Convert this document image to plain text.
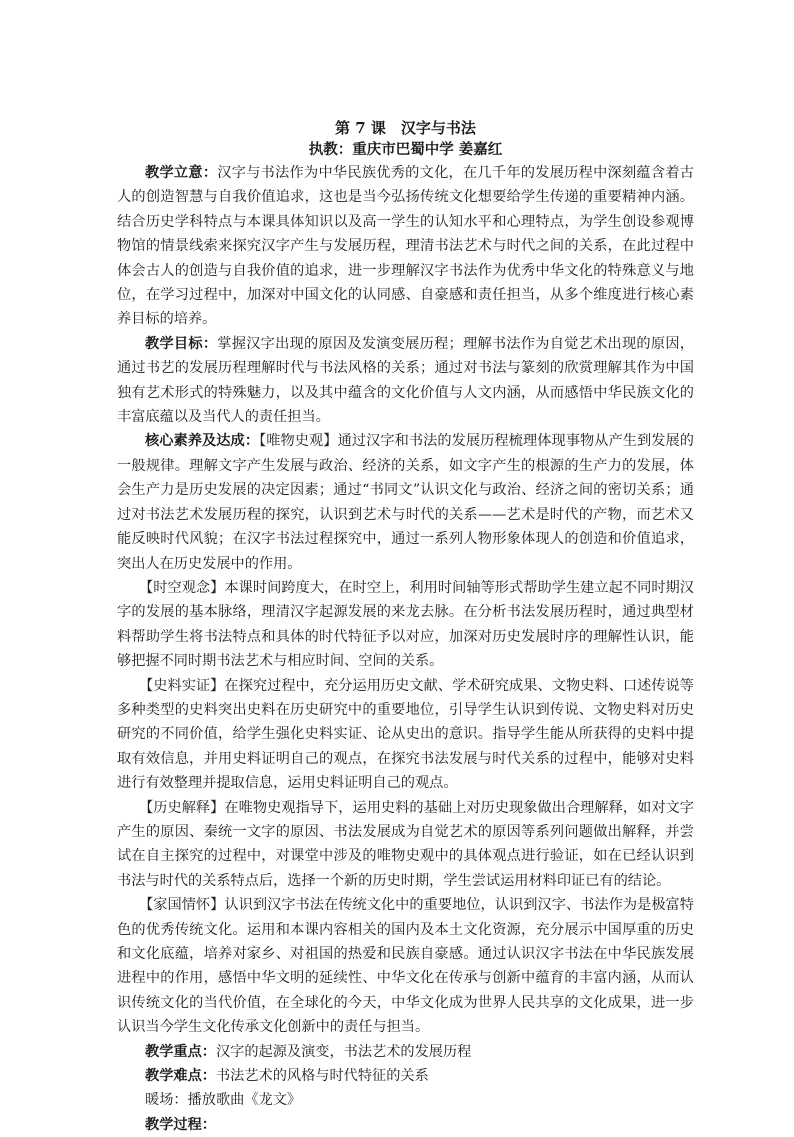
第 7 课　汉字与书法
执教：重庆市巴蜀中学 姜嘉红

教学立意：汉字与书法作为中华民族优秀的文化，在几千年的发展历程中深刻蕴含着古人的创造智慧与自我价值追求，这也是当今弘扬传统文化想要给学生传递的重要精神内涵。结合历史学科特点与本课具体知识以及高一学生的认知水平和心理特点，为学生创设参观博物馆的情景线索来探究汉字产生与发展历程，理清书法艺术与时代之间的关系，在此过程中体会古人的创造与自我价值的追求，进一步理解汉字书法作为优秀中华文化的特殊意义与地位，在学习过程中，加深对中国文化的认同感、自豪感和责任担当，从多个维度进行核心素养目标的培养。

教学目标：掌握汉字出现的原因及发演变展历程；理解书法作为自觉艺术出现的原因，通过书艺的发展历程理解时代与书法风格的关系；通过对书法与篆刻的欣赏理解其作为中国独有艺术形式的特殊魅力，以及其中蕴含的文化价值与人文内涵，从而感悟中华民族文化的丰富底蕴以及当代人的责任担当。

核心素养及达成：【唯物史观】通过汉字和书法的发展历程梳理体现事物从产生到发展的一般规律。理解文字产生发展与政治、经济的关系，如文字产生的根源的生产力的发展，体会生产力是历史发展的决定因素；通过“书同文”认识文化与政治、经济之间的密切关系；通过对书法艺术发展历程的探究，认识到艺术与时代的关系——艺术是时代的产物，而艺术又能反映时代风貌；在汉字书法过程探究中，通过一系列人物形象体现人的创造和价值追求，突出人在历史发展中的作用。

【时空观念】本课时间跨度大，在时空上，利用时间轴等形式帮助学生建立起不同时期汉字的发展的基本脉络，理清汉字起源发展的来龙去脉。在分析书法发展历程时，通过典型材料帮助学生将书法特点和具体的时代特征予以对应，加深对历史发展时序的理解性认识，能够把握不同时期书法艺术与相应时间、空间的关系。

【史料实证】在探究过程中，充分运用历史文献、学术研究成果、文物史料、口述传说等多种类型的史料突出史料在历史研究中的重要地位，引导学生认识到传说、文物史料对历史研究的不同价值，给学生强化史料实证、论从史出的意识。指导学生能从所获得的史料中提取有效信息，并用史料证明自己的观点，在探究书法发展与时代关系的过程中，能够对史料进行有效整理并提取信息，运用史料证明自己的观点。

【历史解释】在唯物史观指导下，运用史料的基础上对历史现象做出合理解释，如对文字产生的原因、秦统一文字的原因、书法发展成为自觉艺术的原因等系列问题做出解释，并尝试在自主探究的过程中，对课堂中涉及的唯物史观中的具体观点进行验证，如在已经认识到书法与时代的关系特点后，选择一个新的历史时期，学生尝试运用材料印证已有的结论。

【家国情怀】认识到汉字书法在传统文化中的重要地位，认识到汉字、书法作为是极富特色的优秀传统文化。运用和本课内容相关的国内及本土文化资源，充分展示中国厚重的历史和文化底蕴，培养对家乡、对祖国的热爱和民族自豪感。通过认识汉字书法在中华民族发展进程中的作用，感悟中华文明的延续性、中华文化在传承与创新中蕴育的丰富内涵，从而认识传统文化的当代价值，在全球化的今天，中华文化成为世界人民共享的文化成果，进一步认识当今学生文化传承文化创新中的责任与担当。

教学重点：汉字的起源及演变，书法艺术的发展历程
教学难点：书法艺术的风格与时代特征的关系
暖场：播放歌曲《龙文》
教学过程：
